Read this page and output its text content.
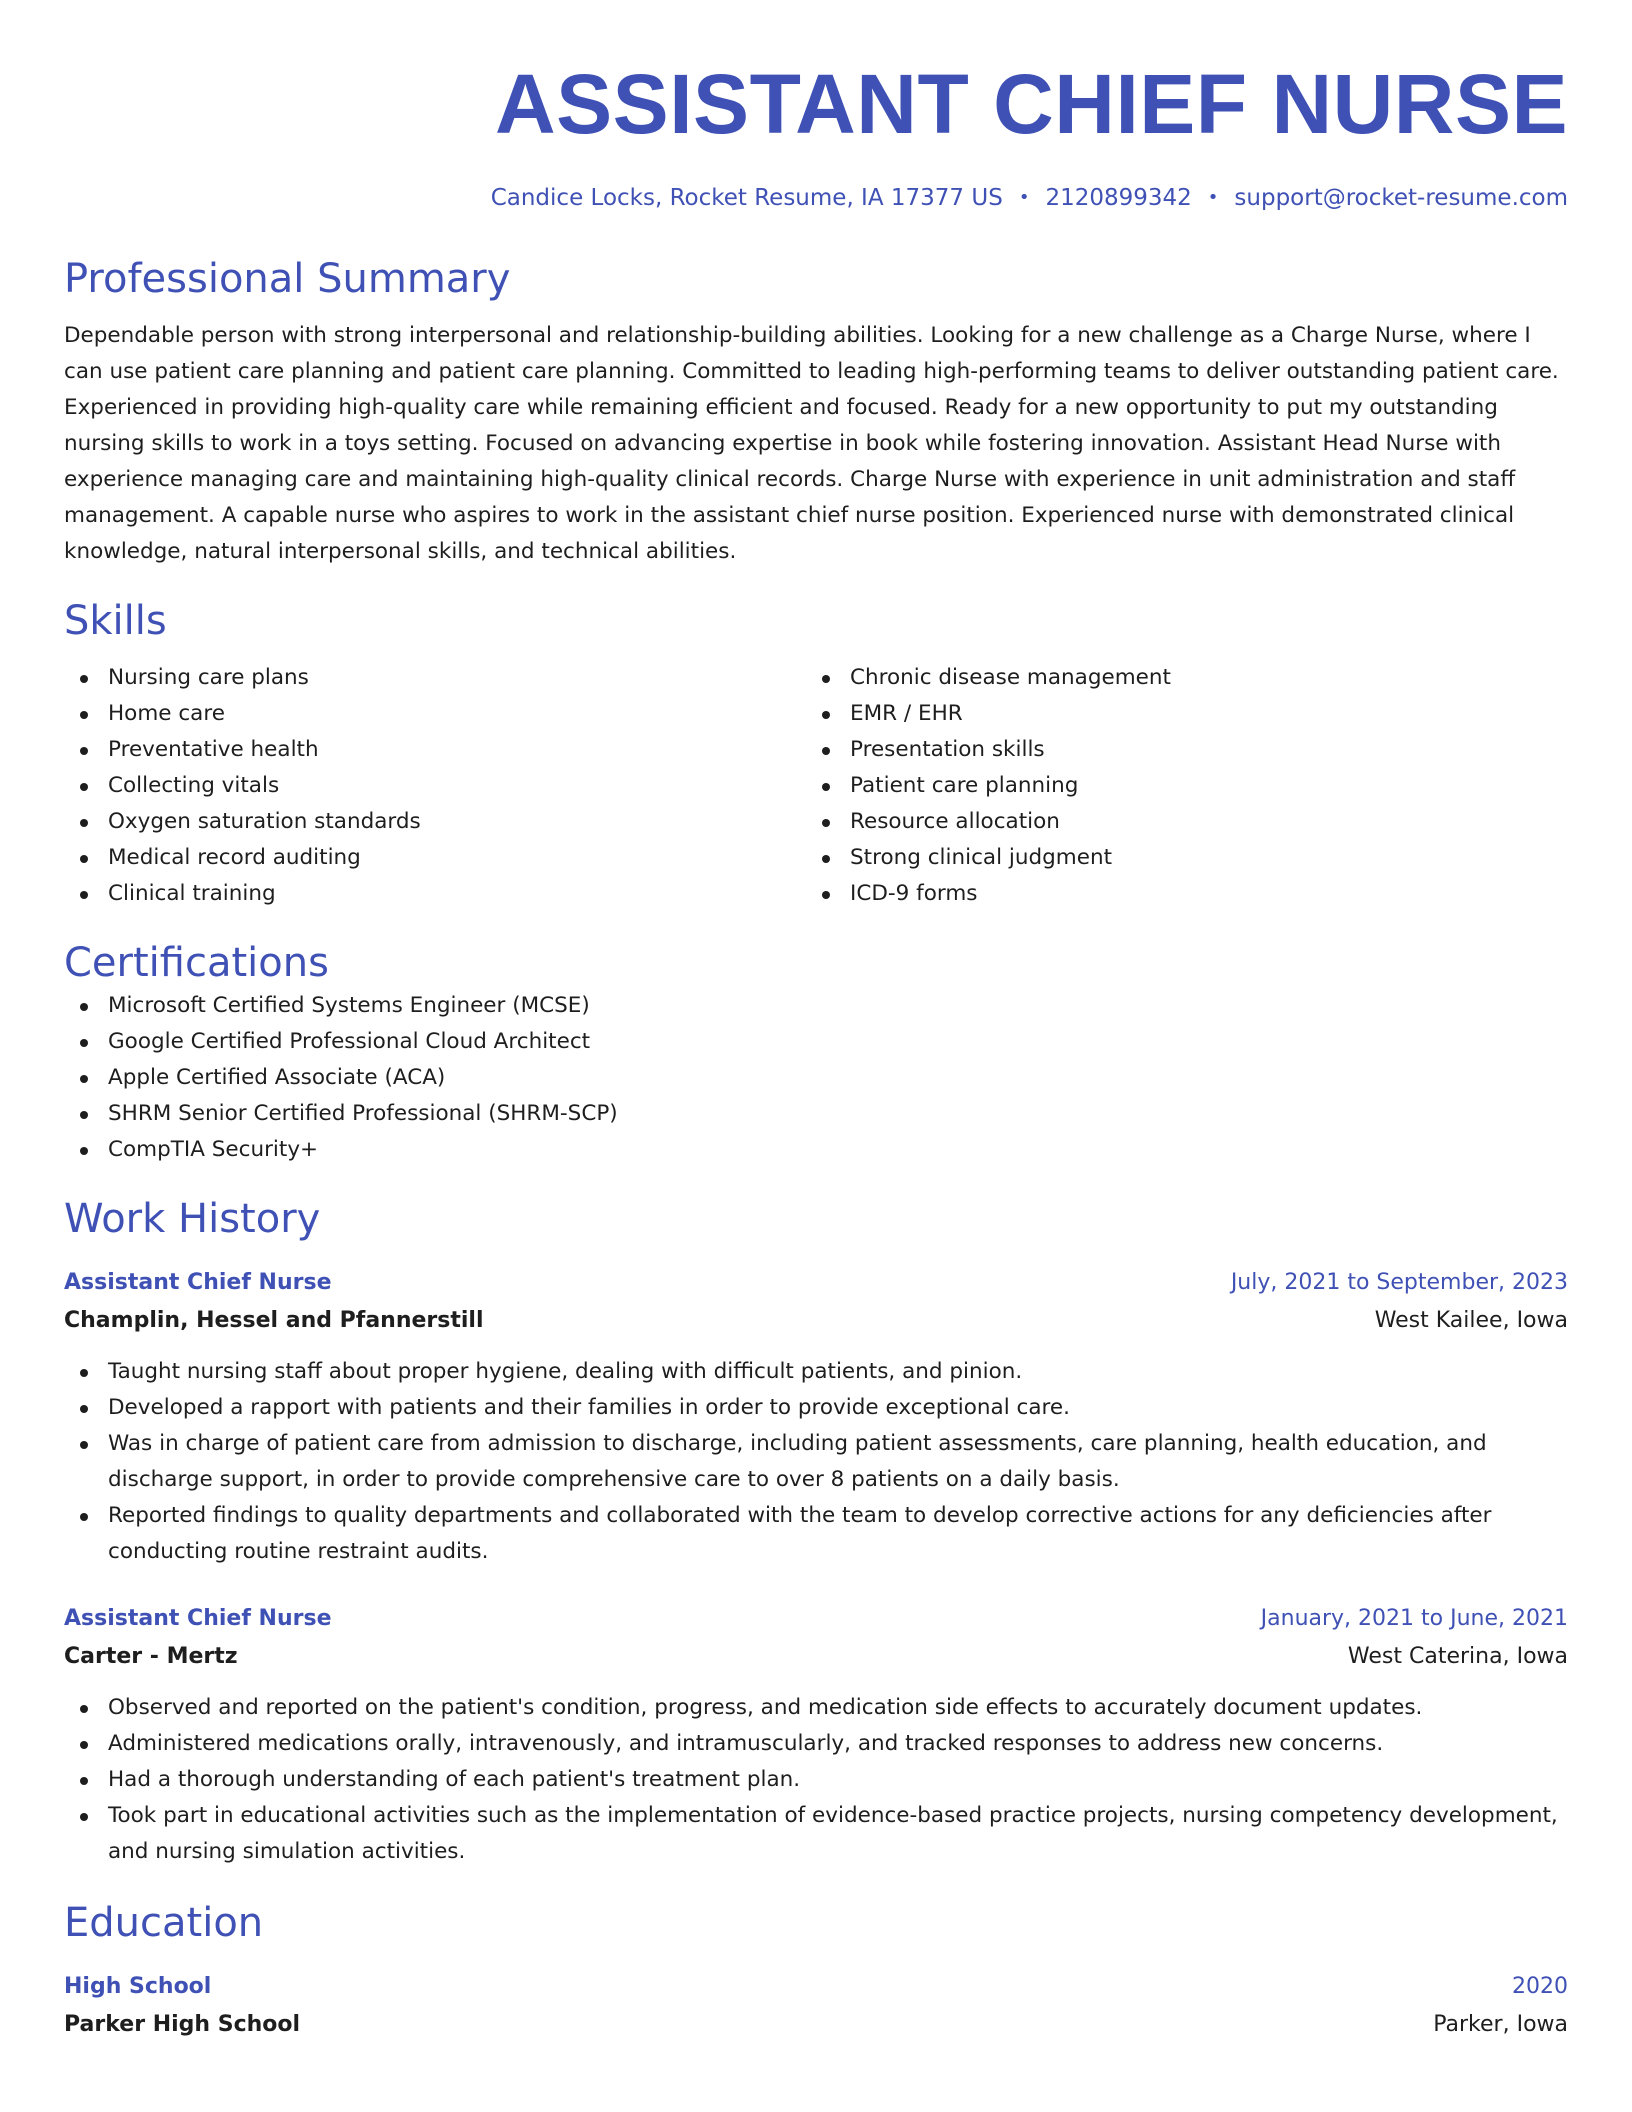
ASSISTANT CHIEF NURSE
Candice Locks, Rocket Resume, IA 17377 US • 2120899342 • support@rocket-resume.com
Professional Summary
Dependable person with strong interpersonal and relationship-building abilities. Looking for a new challenge as a Charge Nurse, where I can use patient care planning and patient care planning. Committed to leading high-performing teams to deliver outstanding patient care. Experienced in providing high-quality care while remaining efficient and focused. Ready for a new opportunity to put my outstanding nursing skills to work in a toys setting. Focused on advancing expertise in book while fostering innovation. Assistant Head Nurse with experience managing care and maintaining high-quality clinical records. Charge Nurse with experience in unit administration and staff management. A capable nurse who aspires to work in the assistant chief nurse position. Experienced nurse with demonstrated clinical knowledge, natural interpersonal skills, and technical abilities.
Skills
Nursing care plans
Home care
Preventative health
Collecting vitals
Oxygen saturation standards
Medical record auditing
Clinical training
Chronic disease management
EMR / EHR
Presentation skills
Patient care planning
Resource allocation
Strong clinical judgment
ICD-9 forms
Certifications
Microsoft Certified Systems Engineer (MCSE)
Google Certified Professional Cloud Architect
Apple Certified Associate (ACA)
SHRM Senior Certified Professional (SHRM-SCP)
CompTIA Security+
Work History
Assistant Chief Nurse	July, 2021 to September, 2023
Champlin, Hessel and Pfannerstill	West Kailee, Iowa
Taught nursing staff about proper hygiene, dealing with difficult patients, and pinion.
Developed a rapport with patients and their families in order to provide exceptional care.
Was in charge of patient care from admission to discharge, including patient assessments, care planning, health education, and discharge support, in order to provide comprehensive care to over 8 patients on a daily basis.
Reported findings to quality departments and collaborated with the team to develop corrective actions for any deficiencies after conducting routine restraint audits.
Assistant Chief Nurse	January, 2021 to June, 2021
Carter - Mertz	West Caterina, Iowa
Observed and reported on the patient's condition, progress, and medication side effects to accurately document updates.
Administered medications orally, intravenously, and intramuscularly, and tracked responses to address new concerns.
Had a thorough understanding of each patient's treatment plan.
Took part in educational activities such as the implementation of evidence-based practice projects, nursing competency development, and nursing simulation activities.
Education
High School	2020
Parker High School	Parker, Iowa
